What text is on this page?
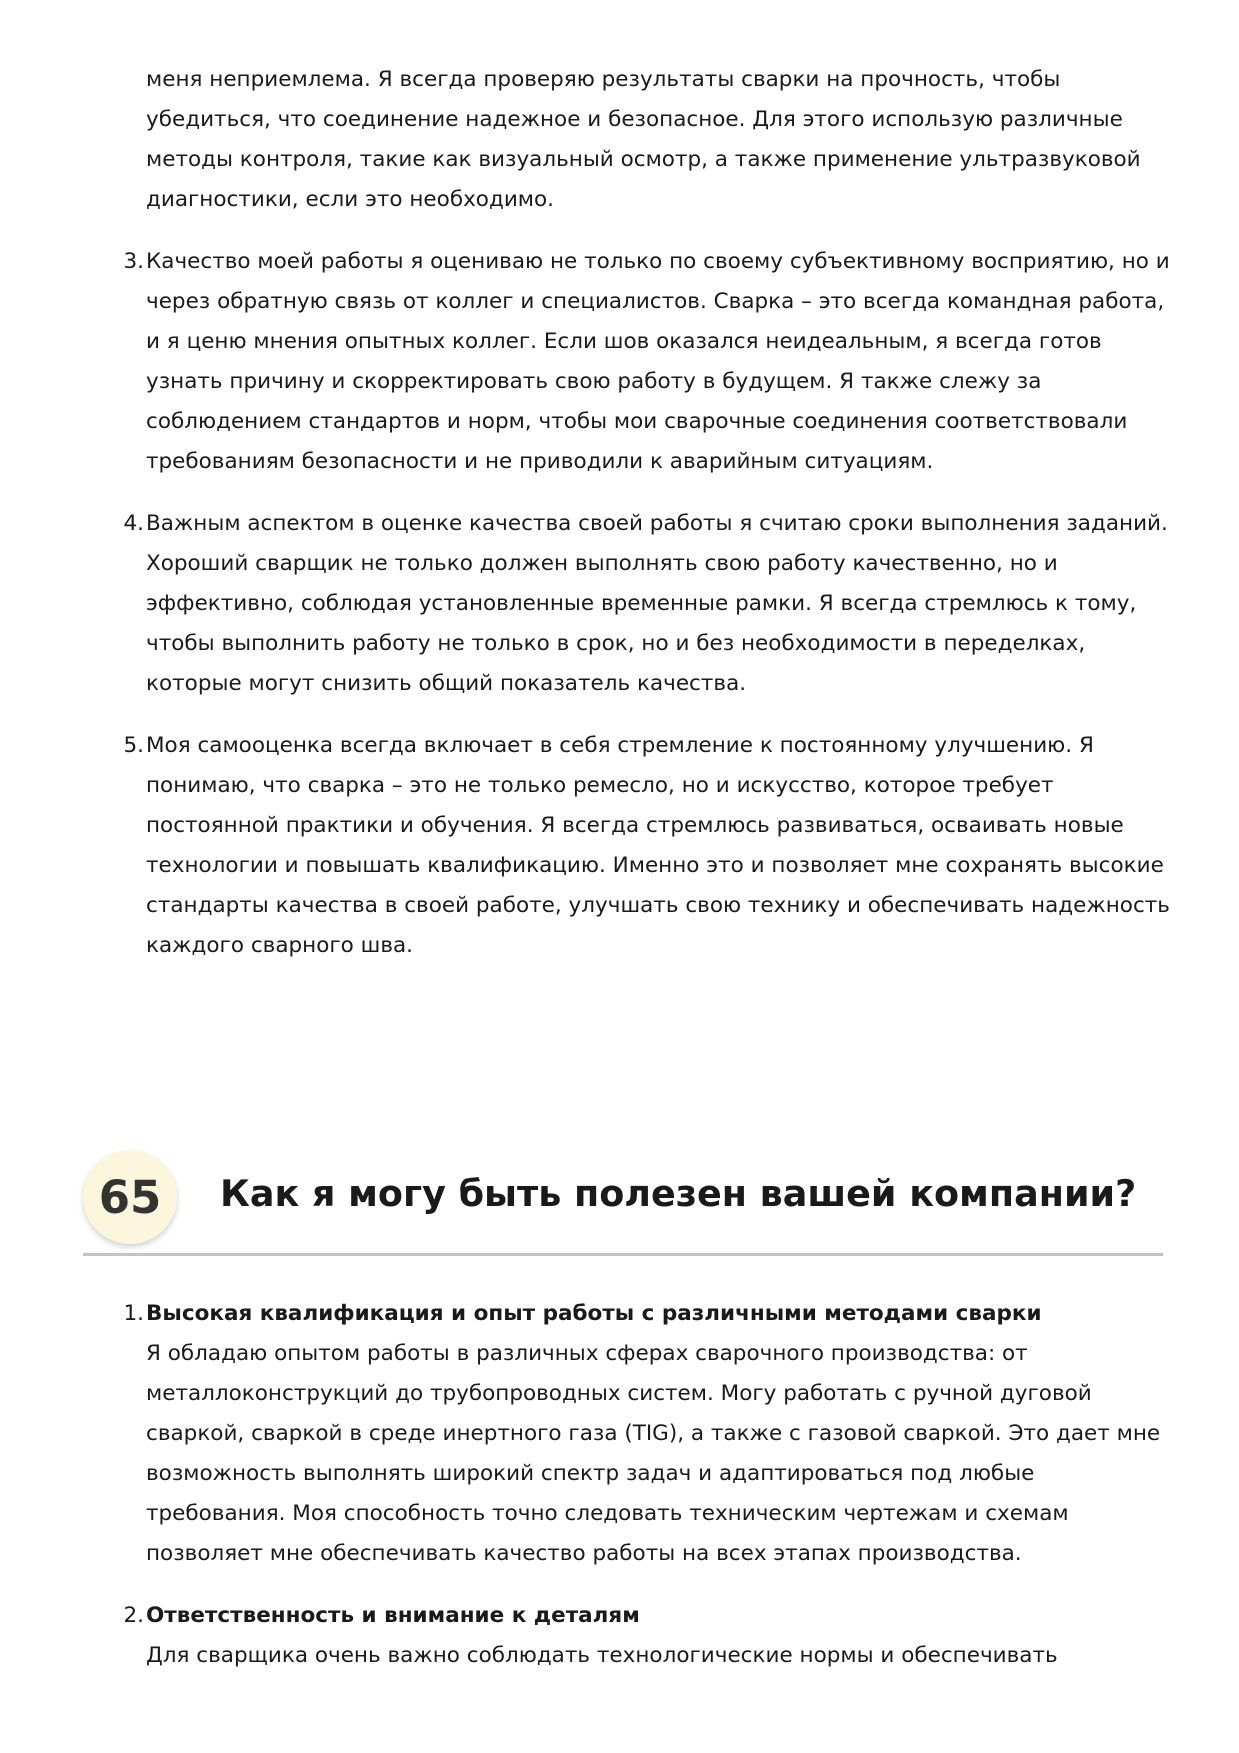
меня неприемлема. Я всегда проверяю результаты сварки на прочность, чтобы убедиться, что соединение надежное и безопасное. Для этого использую различные методы контроля, такие как визуальный осмотр, а также применение ультразвуковой диагностики, если это необходимо.

3. Качество моей работы я оцениваю не только по своему субъективному восприятию, но и через обратную связь от коллег и специалистов. Сварка – это всегда командная работа, и я ценю мнения опытных коллег. Если шов оказался неидеальным, я всегда готов узнать причину и скорректировать свою работу в будущем. Я также слежу за соблюдением стандартов и норм, чтобы мои сварочные соединения соответствовали требованиям безопасности и не приводили к аварийным ситуациям.
4. Важным аспектом в оценке качества своей работы я считаю сроки выполнения заданий. Хороший сварщик не только должен выполнять свою работу качественно, но и эффективно, соблюдая установленные временные рамки. Я всегда стремлюсь к тому, чтобы выполнить работу не только в срок, но и без необходимости в переделках, которые могут снизить общий показатель качества.
5. Моя самооценка всегда включает в себя стремление к постоянному улучшению. Я понимаю, что сварка – это не только ремесло, но и искусство, которое требует постоянной практики и обучения. Я всегда стремлюсь развиваться, осваивать новые технологии и повышать квалификацию. Именно это и позволяет мне сохранять высокие стандарты качества в своей работе, улучшать свою технику и обеспечивать надежность каждого сварного шва.
65	Как я могу быть полезен вашей компании?
1. Высокая квалификация и опыт работы с различными методами сварки
Я обладаю опытом работы в различных сферах сварочного производства: от металлоконструкций до трубопроводных систем. Могу работать с ручной дуговой сваркой, сваркой в среде инертного газа (TIG), а также с газовой сваркой. Это дает мне возможность выполнять широкий спектр задач и адаптироваться под любые требования. Моя способность точно следовать техническим чертежам и схемам позволяет мне обеспечивать качество работы на всех этапах производства.
2. Ответственность и внимание к деталям
Для сварщика очень важно соблюдать технологические нормы и обеспечивать
